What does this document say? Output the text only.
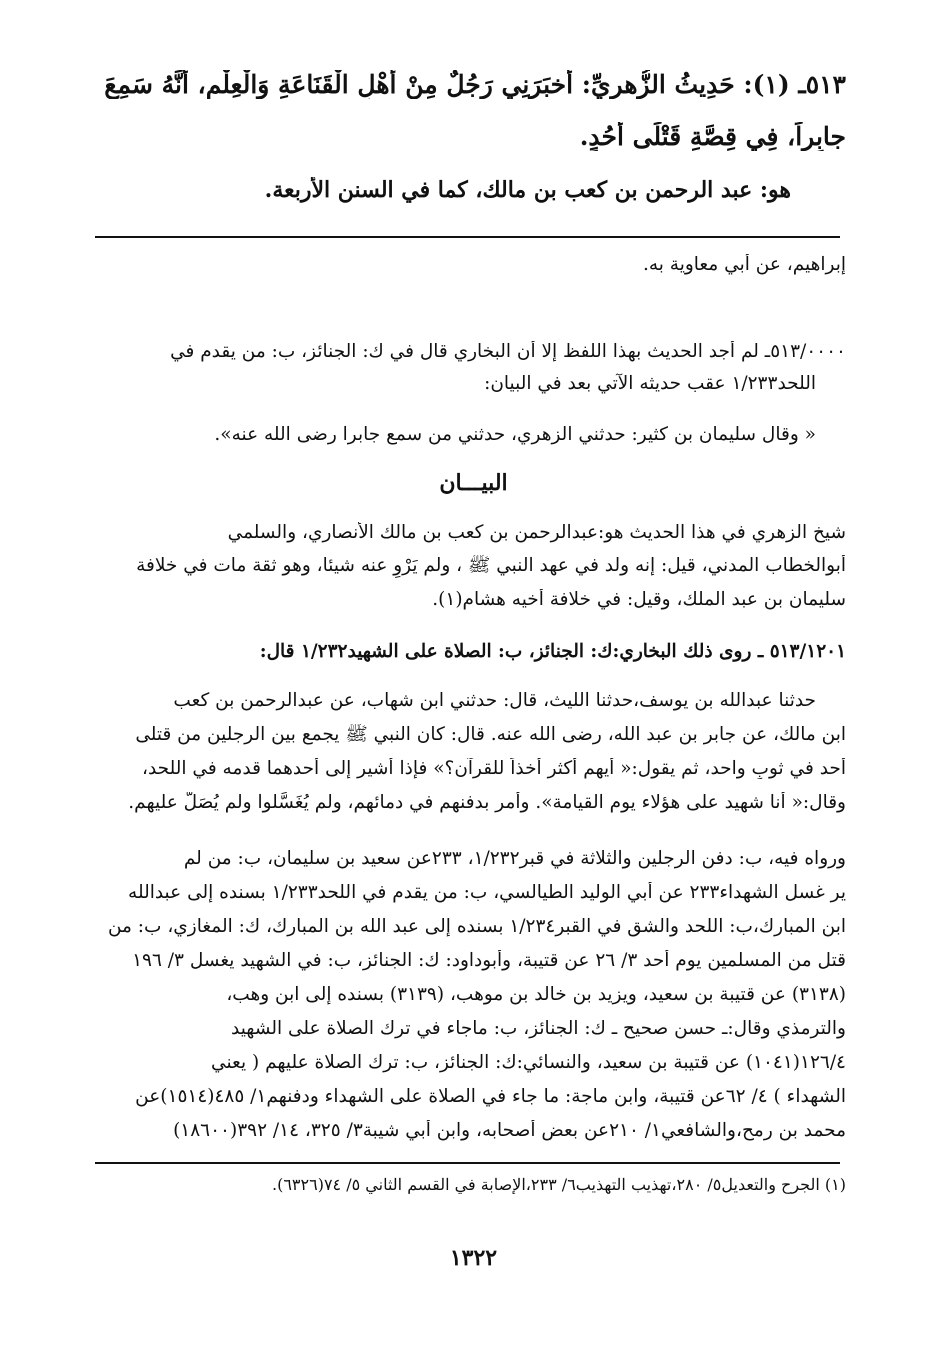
٥١٣ـ (١): حَدِيثُ الزُّهرِيِّ: أَخبَرَنِي رَجُلٌ مِنْ أَهْلِ الْقَنَاعَةِ وَالْعِلْمِ، أَنَّهُ سَمِعَ
جابِراً، فِي قِصَّةِ قَتْلَى أُحُدٍ.
هو: عبد الرحمن بن كعب بن مالك، كما في السنن الأربعة.
إبراهيم، عن أبي معاوية به.
٥١٣/٠٠٠٠ـ لم أجد الحديث بهذا اللفظ إلا أن البخاري قال في ك: الجنائز، ب: من يقدم في
اللحد١/٢٣٣ عقب حديثه الآتي بعد في البيان:
« وقال سليمان بن كثير: حدثني الزهري، حدثني من سمع جابرا رضى الله عنه».
البيـــان
شيخ الزهري في هذا الحديث هو:عبدالرحمن بن كعب بن مالك الأنصاري، والسلمي
أبوالخطاب المدني، قيل: إنه ولد في عهد النبي ﷺ ، ولم يَرْوِ عنه شيئا، وهو ثقة مات في خلافة
سليمان بن عبد الملك، وقيل: في خلافة أخيه هشام(١).
٥١٣/١٢٠١ ـ روى ذلك البخاري:ك: الجنائز، ب: الصلاة على الشهيد١/٢٣٢ قال:
حدثنا عبدالله بن يوسف،حدثنا الليث، قال: حدثني ابن شهاب، عن عبدالرحمن بن كعب
ابن مالك، عن جابر بن عبد الله، رضى الله عنه. قال: كان النبي ﷺ يجمع بين الرجلين من قتلى
أحد في ثوبٍ واحد، ثم يقول:« أيهم أكثر أخذاً للقرآن؟» فإذا أشير إلى أحدهما قدمه في اللحد،
وقال:« أنا شهيد على هؤلاء يوم القيامة». وأمر بدفنهم في دمائهم، ولم يُغَسَّلوا ولم يُصَلَّ عليهم.
ورواه فيه، ب: دفن الرجلين والثلاثة في قبر١/٢٣٢، ٢٣٣عن سعيد بن سليمان، ب: من لم
ير غسل الشهداء٢٣٣ عن أبي الوليد الطيالسي، ب: من يقدم في اللحد١/٢٣٣ بسنده إلى عبدالله
ابن المبارك،ب: اللحد والشق في القبر١/٢٣٤ بسنده إلى عبد الله بن المبارك، ك: المغازي، ب: من
قتل من المسلمين يوم أحد ٣/ ٢٦ عن قتيبة، وأبوداود: ك: الجنائز، ب: في الشهيد يغسل ٣/ ١٩٦
(٣١٣٨) عن قتيبة بن سعيد، ويزيد بن خالد بن موهب، (٣١٣٩) بسنده إلى ابن وهب،
والترمذي وقال:ـ حسن صحيح ـ ك: الجنائز، ب: ماجاء في ترك الصلاة على الشهيد
١٢٦/٤(١٠٤١) عن قتيبة بن سعيد، والنسائي:ك: الجنائز، ب: ترك الصلاة عليهم ( يعني
الشهداء ) ٤/ ٦٢عن قتيبة، وابن ماجة: ما جاء في الصلاة على الشهداء ودفنهم١/ ٤٨٥(١٥١٤)عن
محمد بن رمح،والشافعي١/ ٢١٠عن بعض أصحابه، وابن أبي شيبة٣/ ٣٢٥، ١٤/ ٣٩٢(١٨٦٠٠)
(١) الجرح والتعديل٥/ ٢٨٠،تهذيب التهذيب٦/ ٢٣٣،الإصابة في القسم الثاني ٥/ ٧٤(٦٣٢٦).
١٣٢٢
